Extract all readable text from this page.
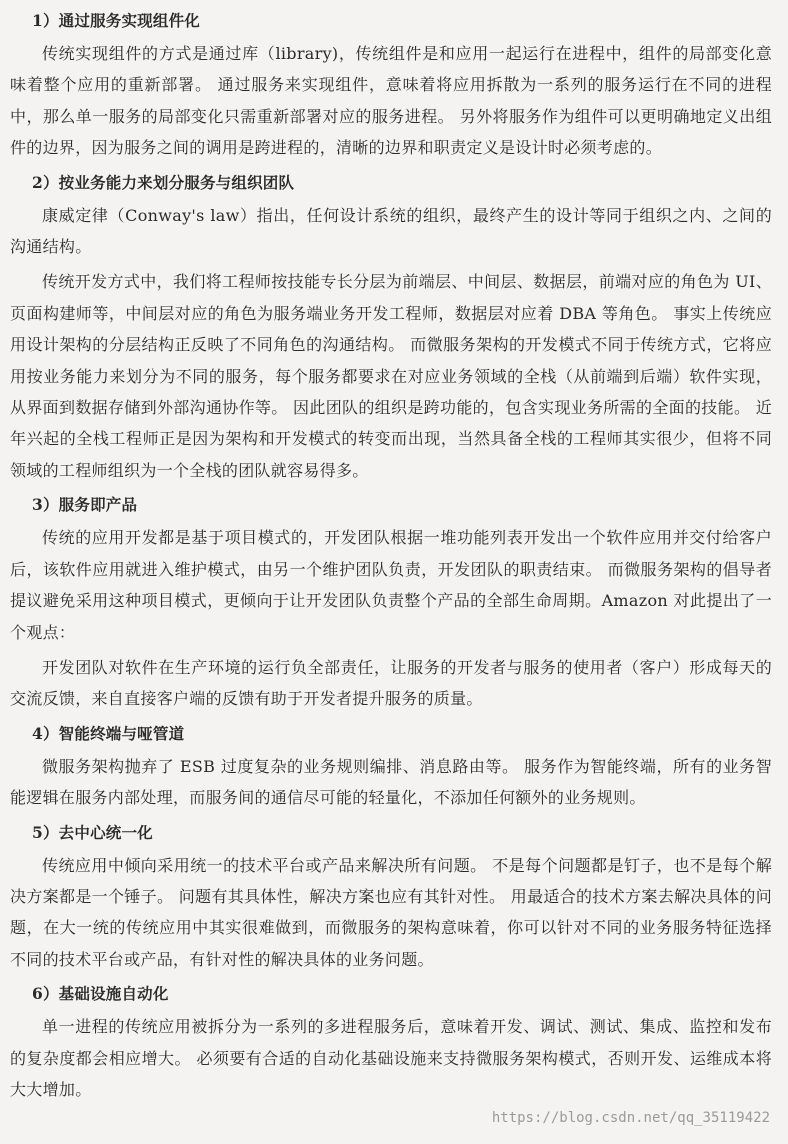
1）通过服务实现组件化

传统实现组件的方式是通过库（library)，传统组件是和应用一起运行在进程中，组件的局部变化意味着整个应用的重新部署。 通过服务来实现组件，意味着将应用拆散为一系列的服务运行在不同的进程中，那么单一服务的局部变化只需重新部署对应的服务进程。 另外将服务作为组件可以更明确地定义出组件的边界，因为服务之间的调用是跨进程的，清晰的边界和职责定义是设计时必须考虑的。

2）按业务能力来划分服务与组织团队

康威定律（Conway's law）指出，任何设计系统的组织，最终产生的设计等同于组织之内、之间的沟通结构。

传统开发方式中，我们将工程师按技能专长分层为前端层、中间层、数据层，前端对应的角色为 UI、页面构建师等，中间层对应的角色为服务端业务开发工程师，数据层对应着 DBA 等角色。 事实上传统应用设计架构的分层结构正反映了不同角色的沟通结构。 而微服务架构的开发模式不同于传统方式，它将应用按业务能力来划分为不同的服务，每个服务都要求在对应业务领域的全栈（从前端到后端）软件实现，从界面到数据存储到外部沟通协作等。 因此团队的组织是跨功能的，包含实现业务所需的全面的技能。 近年兴起的全栈工程师正是因为架构和开发模式的转变而出现，当然具备全栈的工程师其实很少，但将不同领域的工程师组织为一个全栈的团队就容易得多。

3）服务即产品

传统的应用开发都是基于项目模式的，开发团队根据一堆功能列表开发出一个软件应用并交付给客户后，该软件应用就进入维护模式，由另一个维护团队负责，开发团队的职责结束。 而微服务架构的倡导者提议避免采用这种项目模式，更倾向于让开发团队负责整个产品的全部生命周期。Amazon 对此提出了一个观点：

开发团队对软件在生产环境的运行负全部责任，让服务的开发者与服务的使用者（客户）形成每天的交流反馈，来自直接客户端的反馈有助于开发者提升服务的质量。

4）智能终端与哑管道

微服务架构抛弃了 ESB 过度复杂的业务规则编排、消息路由等。 服务作为智能终端，所有的业务智能逻辑在服务内部处理，而服务间的通信尽可能的轻量化，不添加任何额外的业务规则。

5）去中心统一化

传统应用中倾向采用统一的技术平台或产品来解决所有问题。 不是每个问题都是钉子，也不是每个解决方案都是一个锤子。 问题有其具体性，解决方案也应有其针对性。 用最适合的技术方案去解决具体的问题，在大一统的传统应用中其实很难做到，而微服务的架构意味着，你可以针对不同的业务服务特征选择不同的技术平台或产品，有针对性的解决具体的业务问题。

6）基础设施自动化

单一进程的传统应用被拆分为一系列的多进程服务后，意味着开发、调试、测试、集成、监控和发布的复杂度都会相应增大。 必须要有合适的自动化基础设施来支持微服务架构模式，否则开发、运维成本将大大增加。

https://blog.csdn.net/qq_35119422
